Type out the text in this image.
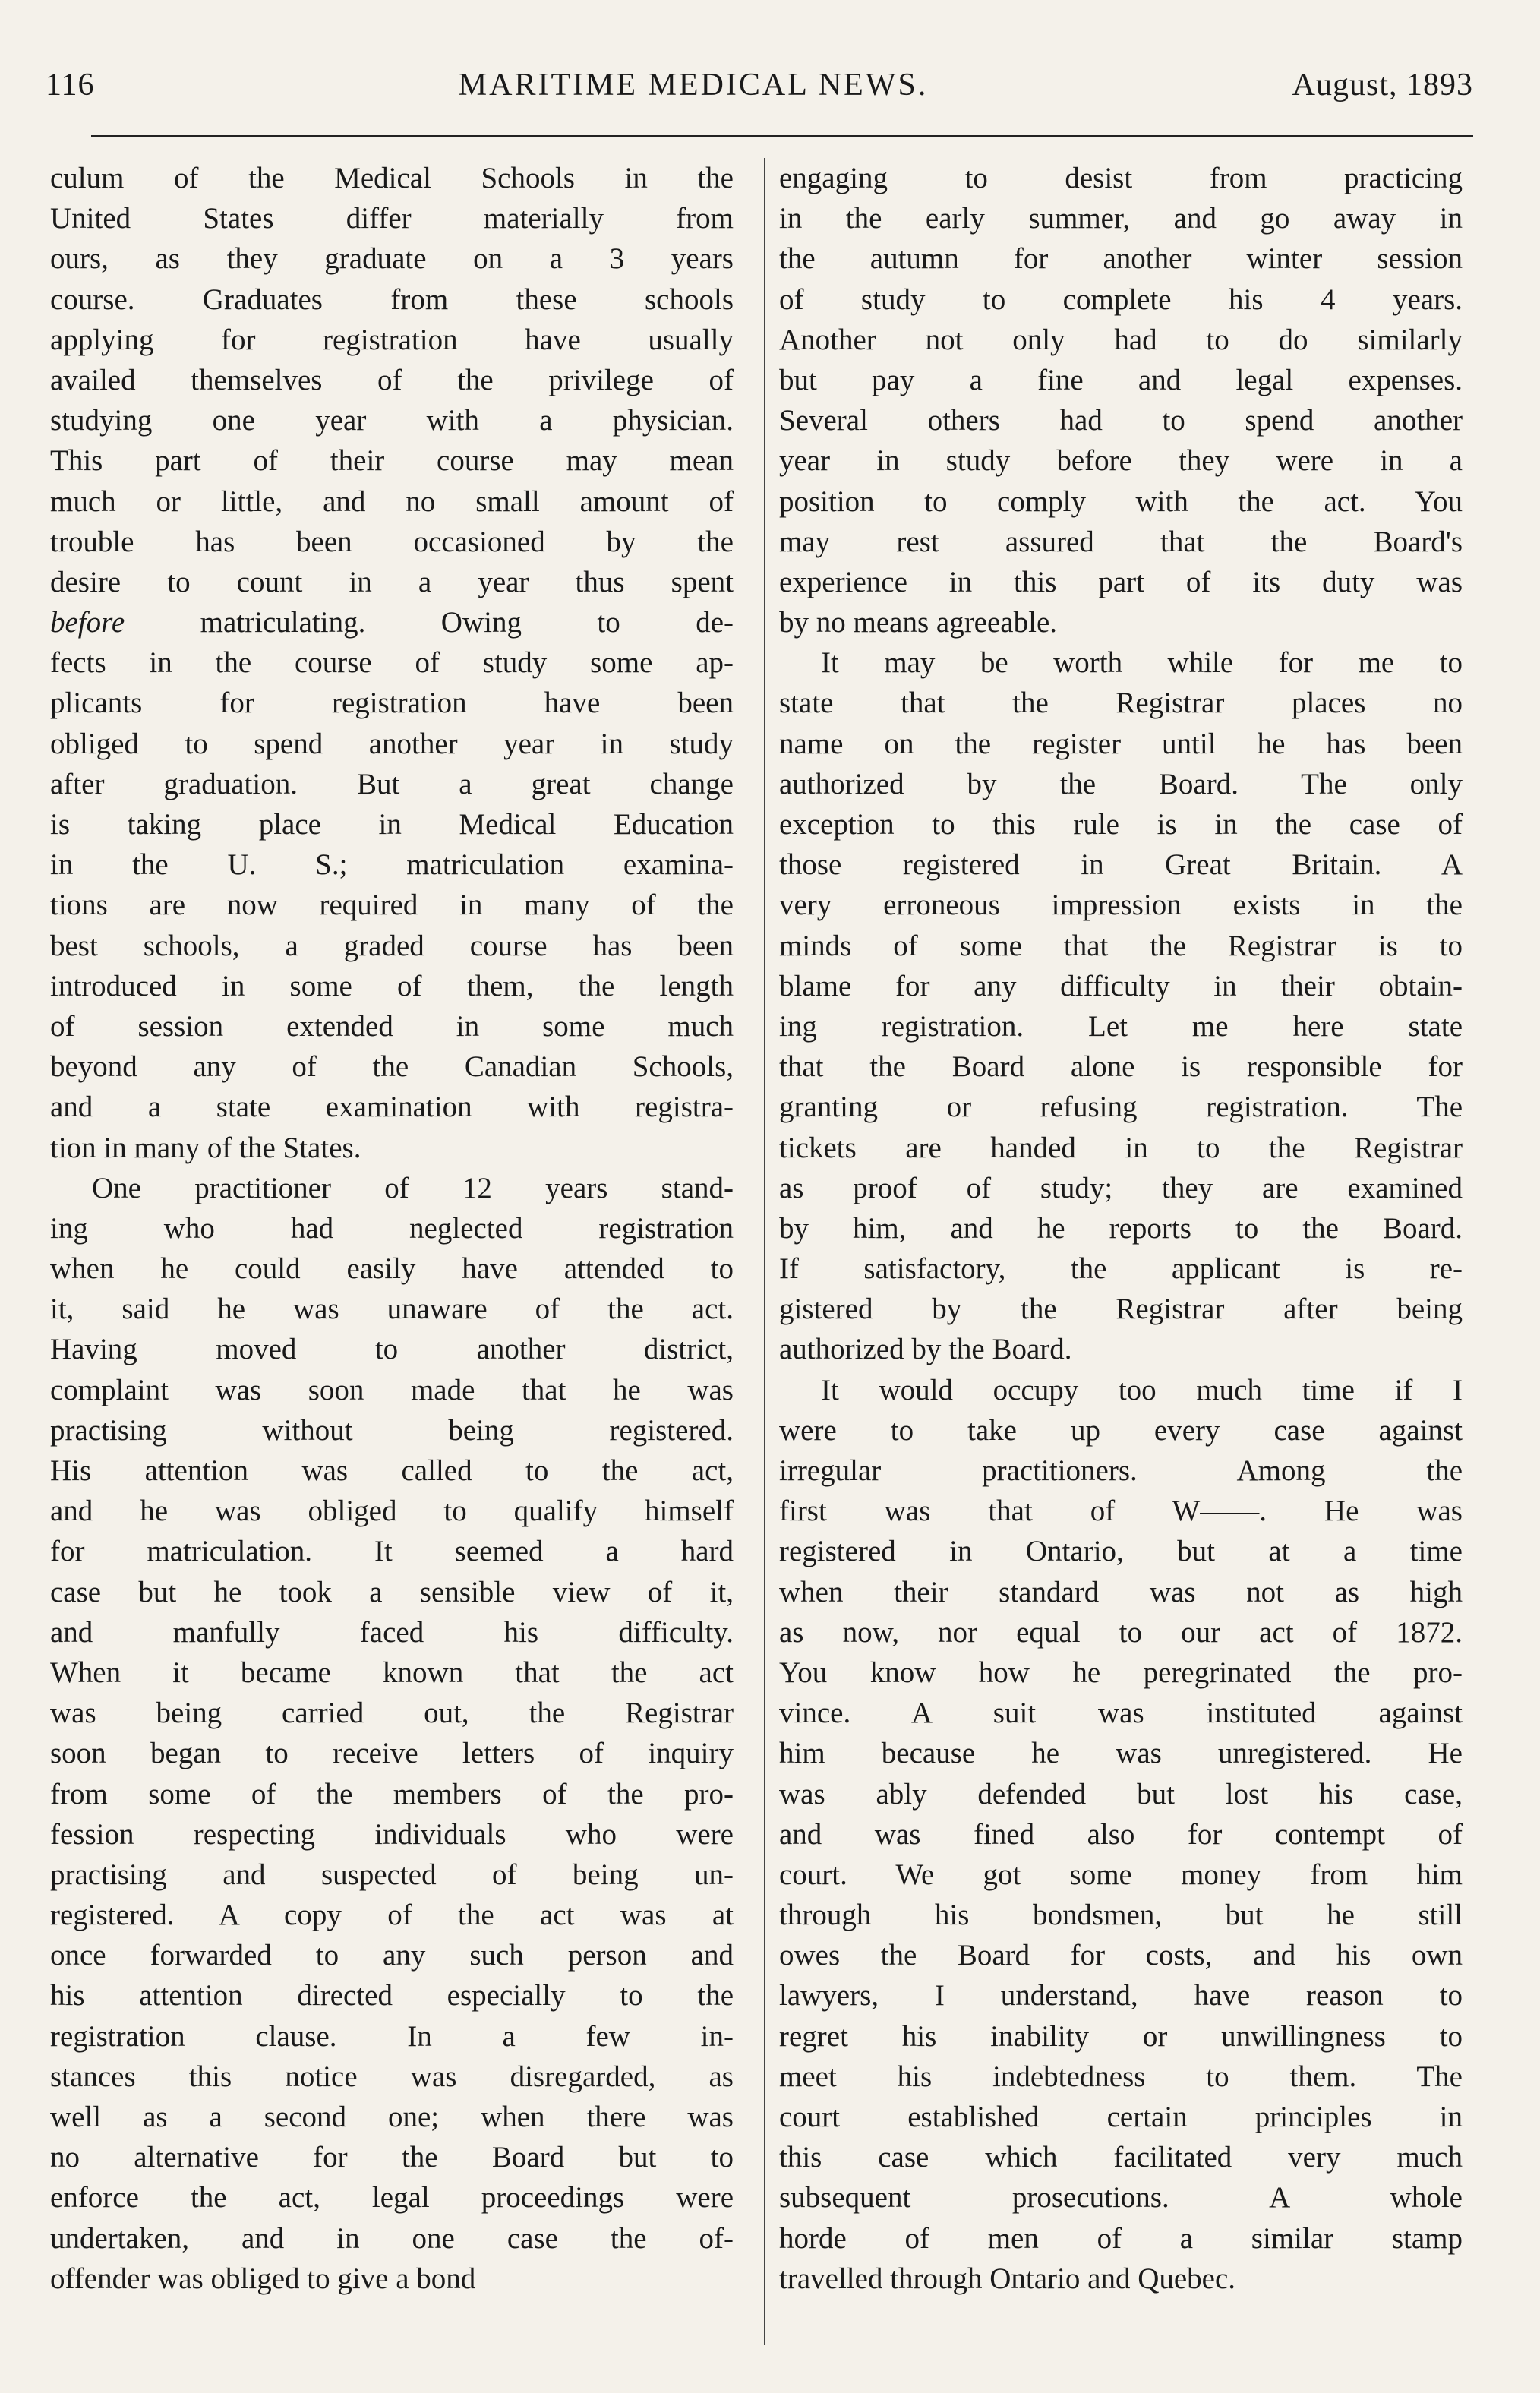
116	MARITIME MEDICAL NEWS.	August, 1893
culum of the Medical Schools in the
United States differ materially from
ours, as they graduate on a 3 years
course. Graduates from these schools
applying for registration have usually
availed themselves of the privilege of
studying one year with a physician.
This part of their course may mean
much or little, and no small amount of
trouble has been occasioned by the
desire to count in a year thus spent
before matriculating. Owing to de-
fects in the course of study some ap-
plicants for registration have been
obliged to spend another year in study
after graduation. But a great change
is taking place in Medical Education
in the U. S.; matriculation examina-
tions are now required in many of the
best schools, a graded course has been
introduced in some of them, the length
of session extended in some much
beyond any of the Canadian Schools,
and a state examination with registra-
tion in many of the States.
One practitioner of 12 years stand-
ing who had neglected registration
when he could easily have attended to
it, said he was unaware of the act.
Having moved to another district,
complaint was soon made that he was
practising without being registered.
His attention was called to the act,
and he was obliged to qualify himself
for matriculation. It seemed a hard
case but he took a sensible view of it,
and manfully faced his difficulty.
When it became known that the act
was being carried out, the Registrar
soon began to receive letters of inquiry
from some of the members of the pro-
fession respecting individuals who were
practising and suspected of being un-
registered. A copy of the act was at
once forwarded to any such person and
his attention directed especially to the
registration clause. In a few in-
stances this notice was disregarded, as
well as a second one; when there was
no alternative for the Board but to
enforce the act, legal proceedings were
undertaken, and in one case the of-
offender was obliged to give a bond
engaging to desist from practicing
in the early summer, and go away in
the autumn for another winter session
of study to complete his 4 years.
Another not only had to do similarly
but pay a fine and legal expenses.
Several others had to spend another
year in study before they were in a
position to comply with the act. You
may rest assured that the Board's
experience in this part of its duty was
by no means agreeable.
It may be worth while for me to
state that the Registrar places no
name on the register until he has been
authorized by the Board. The only
exception to this rule is in the case of
those registered in Great Britain. A
very erroneous impression exists in the
minds of some that the Registrar is to
blame for any difficulty in their obtain-
ing registration. Let me here state
that the Board alone is responsible for
granting or refusing registration. The
tickets are handed in to the Registrar
as proof of study; they are examined
by him, and he reports to the Board.
If satisfactory, the applicant is re-
gistered by the Registrar after being
authorized by the Board.
It would occupy too much time if I
were to take up every case against
irregular practitioners. Among the
first was that of W——. He was
registered in Ontario, but at a time
when their standard was not as high
as now, nor equal to our act of 1872.
You know how he peregrinated the pro-
vince. A suit was instituted against
him because he was unregistered. He
was ably defended but lost his case,
and was fined also for contempt of
court. We got some money from him
through his bondsmen, but he still
owes the Board for costs, and his own
lawyers, I understand, have reason to
regret his inability or unwillingness to
meet his indebtedness to them. The
court established certain principles in
this case which facilitated very much
subsequent prosecutions. A whole
horde of men of a similar stamp
travelled through Ontario and Quebec.
